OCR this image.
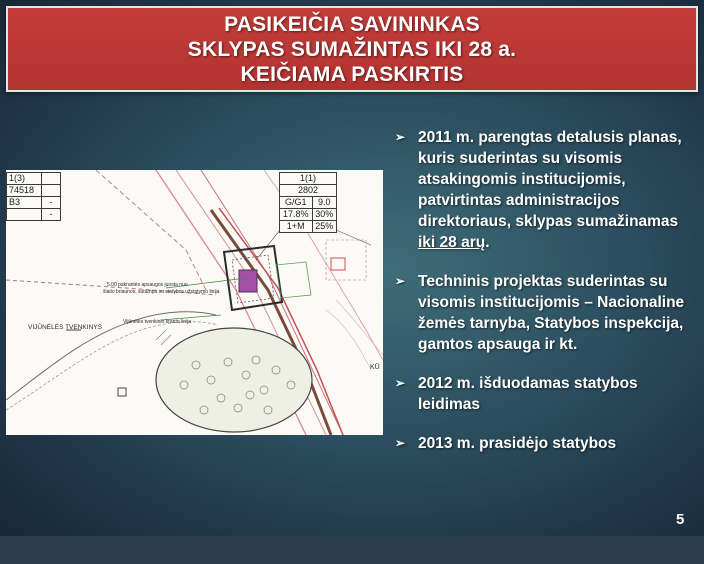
PASIKEIČIA SAVININKAS
SKLYPAS SUMAŽINTAS IKI 28 a.
KEIČIAMA PASKIRTIS
1(3)	
74518	
B3	-
	-
1(1)	
2802	
G/G1	9.0
17.8%	30%
1+M	25%
5.00 pakrantės apsaugos juosta nuo
šlaito briaunos, sutampa su statybos užstatymo linija
Vijūnėlės tvenkinio kranto linija
VIJŪNĖLĖS TVENKINYS
KŪ
➢ 2011 m. parengtas detalusis planas, kuris suderintas su visomis atsakingomis institucijomis, patvirtintas administracijos direktoriaus, sklypas sumažinamas iki 28 arų.
➢ Techninis projektas suderintas su visomis institucijomis – Nacionaline žemės tarnyba, Statybos inspekcija, gamtos apsauga ir kt.
➢ 2012 m. išduodamas statybos leidimas
➢ 2013 m. prasidėjo statybos
5
